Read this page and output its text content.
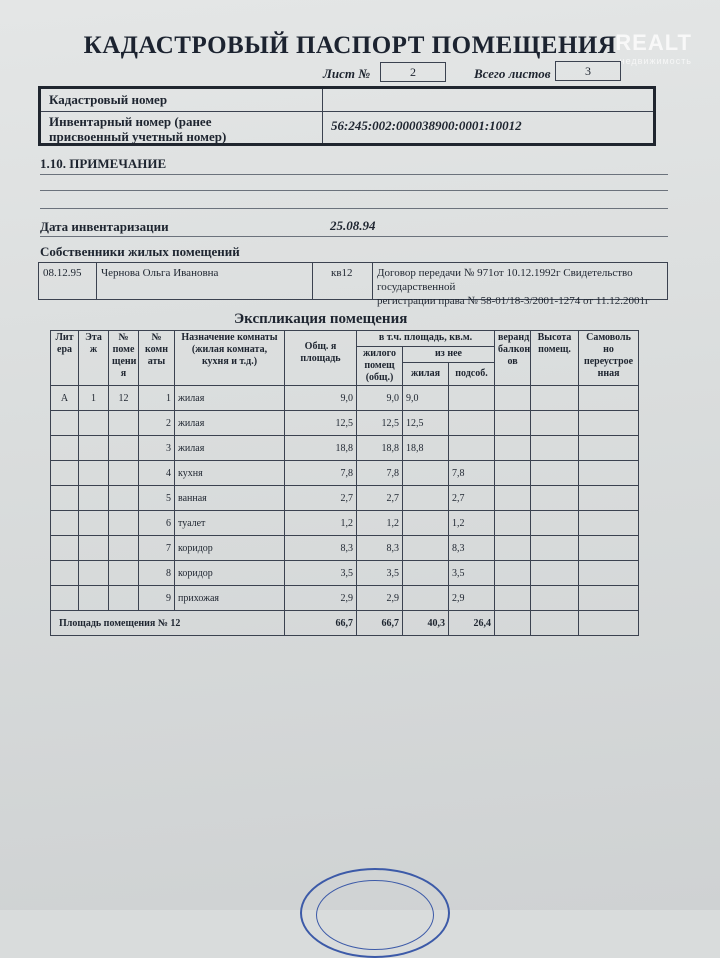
REALT
недвижимость
КАДАСТРОВЫЙ ПАСПОРТ ПОМЕЩЕНИЯ
Лист №	2	Всего листов	3
Кадастровый номер
Инвентарный номер (ранее
присвоенный учетный номер)
56:245:002:000038900:0001:10012
1.10. ПРИМЕЧАНИЕ
Дата инвентаризации	25.08.94
Собственники жилых помещений
08.12.95	Чернова Ольга Ивановна	кв12	Договор передачи № 971от 10.12.1992г Свидетельство государственной
регистрации права № 58-01/18-3/2001-1274 от 11.12.2001г
Экспликация помещения
Лит ера	Эта ж	№ поме щени я	№ комн аты	Назначение комнаты (жилая комната, кухня и т.д.)	Общ. я площадь	в т.ч. площадь, кв.м.			веранд балкон ов	Высота помещ.	Самоволь но переустрое нная
						жилого помещ (общ.)	из нее				
							жилая	подсоб.			
А	1	12	1	жилая	9,0	9,0	9,0				
			2	жилая	12,5	12,5	12,5				
			3	жилая	18,8	18,8	18,8				
			4	кухня	7,8	7,8		7,8			
			5	ванная	2,7	2,7		2,7			
			6	туалет	1,2	1,2		1,2			
			7	коридор	8,3	8,3		8,3			
			8	коридор	3,5	3,5		3,5			
			9	прихожая	2,9	2,9		2,9			
Площадь помещения № 12					66,7	66,7	40,3	26,4			
